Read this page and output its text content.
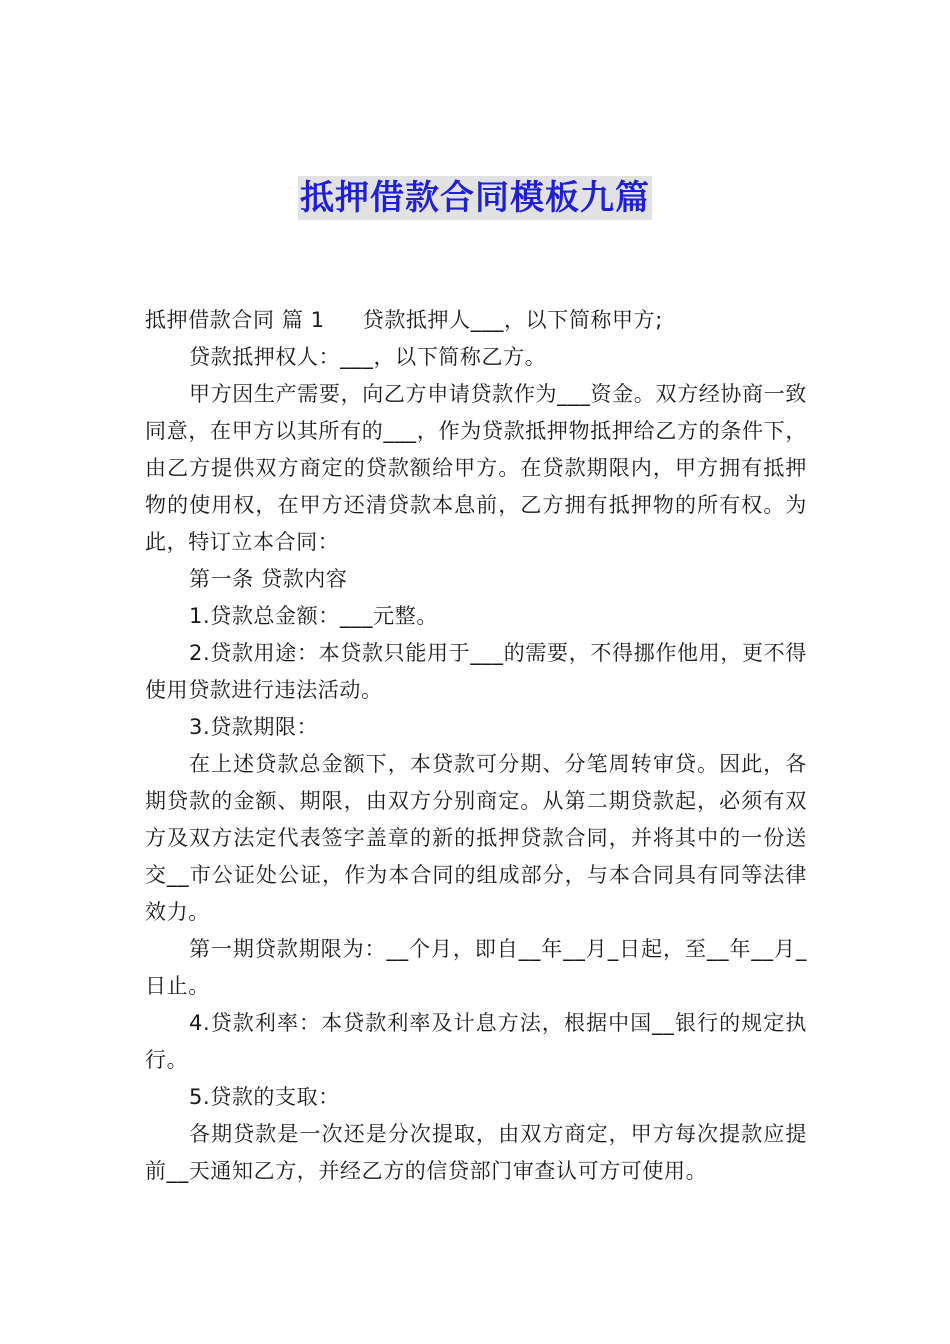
抵押借款合同模板九篇

抵押借款合同 篇 1 贷款抵押人___，以下简称甲方;

贷款抵押权人：___，以下简称乙方。

甲方因生产需要，向乙方申请贷款作为___资金。双方经协商一致同意，在甲方以其所有的___，作为贷款抵押物抵押给乙方的条件下，由乙方提供双方商定的贷款额给甲方。在贷款期限内，甲方拥有抵押物的使用权，在甲方还清贷款本息前，乙方拥有抵押物的所有权。为此，特订立本合同：

第一条 贷款内容

1.贷款总金额：___元整。

2.贷款用途：本贷款只能用于___的需要，不得挪作他用，更不得使用贷款进行违法活动。

3.贷款期限：

在上述贷款总金额下，本贷款可分期、分笔周转审贷。因此，各期贷款的金额、期限，由双方分别商定。从第二期贷款起，必须有双方及双方法定代表签字盖章的新的抵押贷款合同，并将其中的一份送交__市公证处公证，作为本合同的组成部分，与本合同具有同等法律效力。

第一期贷款期限为：__个月，即自__年__月_日起，至__年__月_日止。

4.贷款利率：本贷款利率及计息方法，根据中国__银行的规定执行。

5.贷款的支取：

各期贷款是一次还是分次提取，由双方商定，甲方每次提款应提前__天通知乙方，并经乙方的信贷部门审查认可方可使用。
